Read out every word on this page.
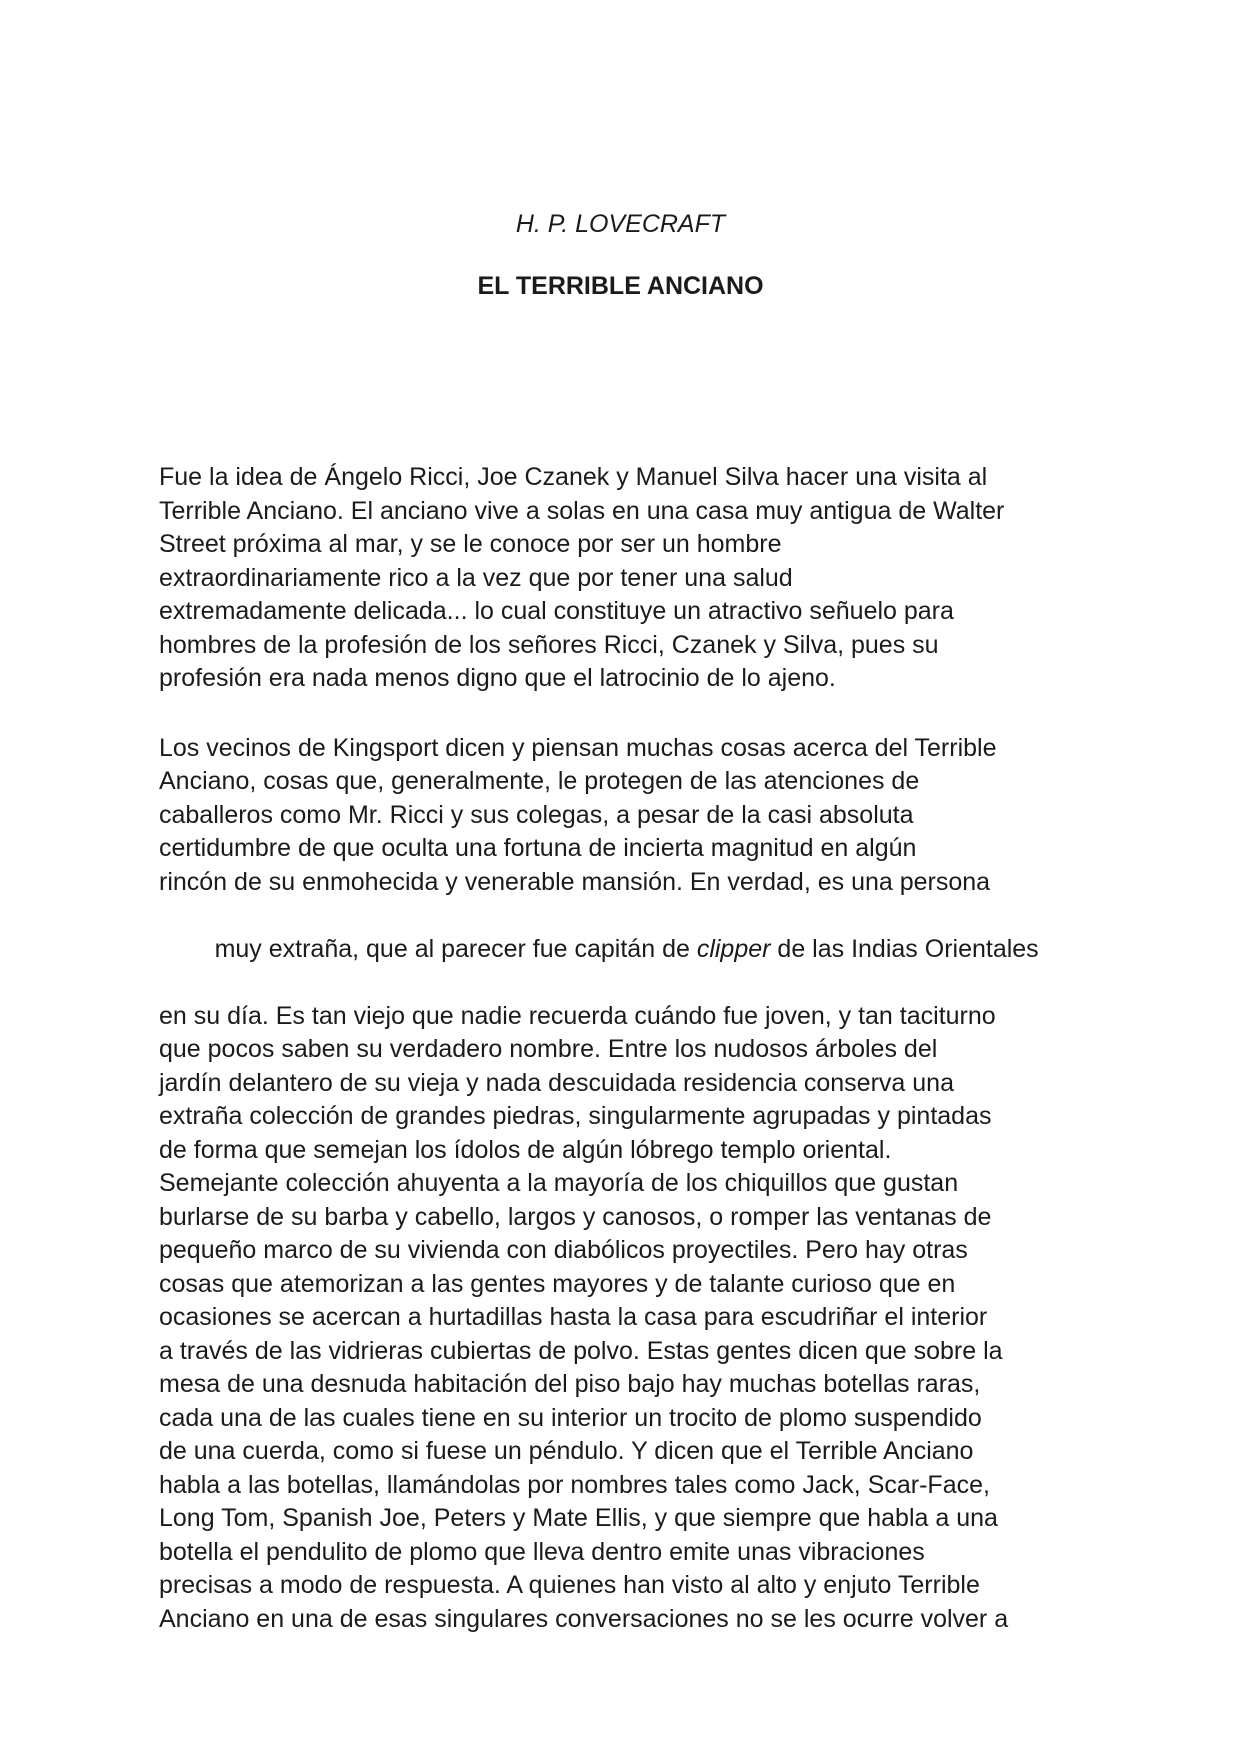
H. P. LOVECRAFT
EL TERRIBLE ANCIANO
Fue la idea de Ángelo Ricci, Joe Czanek y Manuel Silva hacer una visita al
Terrible Anciano. El anciano vive a solas en una casa muy antigua de Walter
Street próxima al mar, y se le conoce por ser un hombre
extraordinariamente rico a la vez que por tener una salud
extremadamente delicada... lo cual constituye un atractivo señuelo para
hombres de la profesión de los señores Ricci, Czanek y Silva, pues su
profesión era nada menos digno que el latrocinio de lo ajeno.
Los vecinos de Kingsport dicen y piensan muchas cosas acerca del Terrible
Anciano, cosas que, generalmente, le protegen de las atenciones de
caballeros como Mr. Ricci y sus colegas, a pesar de la casi absoluta
certidumbre de que oculta una fortuna de incierta magnitud en algún
rincón de su enmohecida y venerable mansión. En verdad, es una persona

muy extraña, que al parecer fue capitán de clipper de las Indias Orientales

en su día. Es tan viejo que nadie recuerda cuándo fue joven, y tan taciturno
que pocos saben su verdadero nombre. Entre los nudosos árboles del
jardín delantero de su vieja y nada descuidada residencia conserva una
extraña colección de grandes piedras, singularmente agrupadas y pintadas
de forma que semejan los ídolos de algún lóbrego templo oriental.
Semejante colección ahuyenta a la mayoría de los chiquillos que gustan
burlarse de su barba y cabello, largos y canosos, o romper las ventanas de
pequeño marco de su vivienda con diabólicos proyectiles. Pero hay otras
cosas que atemorizan a las gentes mayores y de talante curioso que en
ocasiones se acercan a hurtadillas hasta la casa para escudriñar el interior
a través de las vidrieras cubiertas de polvo. Estas gentes dicen que sobre la
mesa de una desnuda habitación del piso bajo hay muchas botellas raras,
cada una de las cuales tiene en su interior un trocito de plomo suspendido
de una cuerda, como si fuese un péndulo. Y dicen que el Terrible Anciano
habla a las botellas, llamándolas por nombres tales como Jack, Scar-Face,
Long Tom, Spanish Joe, Peters y Mate Ellis, y que siempre que habla a una
botella el pendulito de plomo que lleva dentro emite unas vibraciones
precisas a modo de respuesta. A quienes han visto al alto y enjuto Terrible
Anciano en una de esas singulares conversaciones no se les ocurre volver a
